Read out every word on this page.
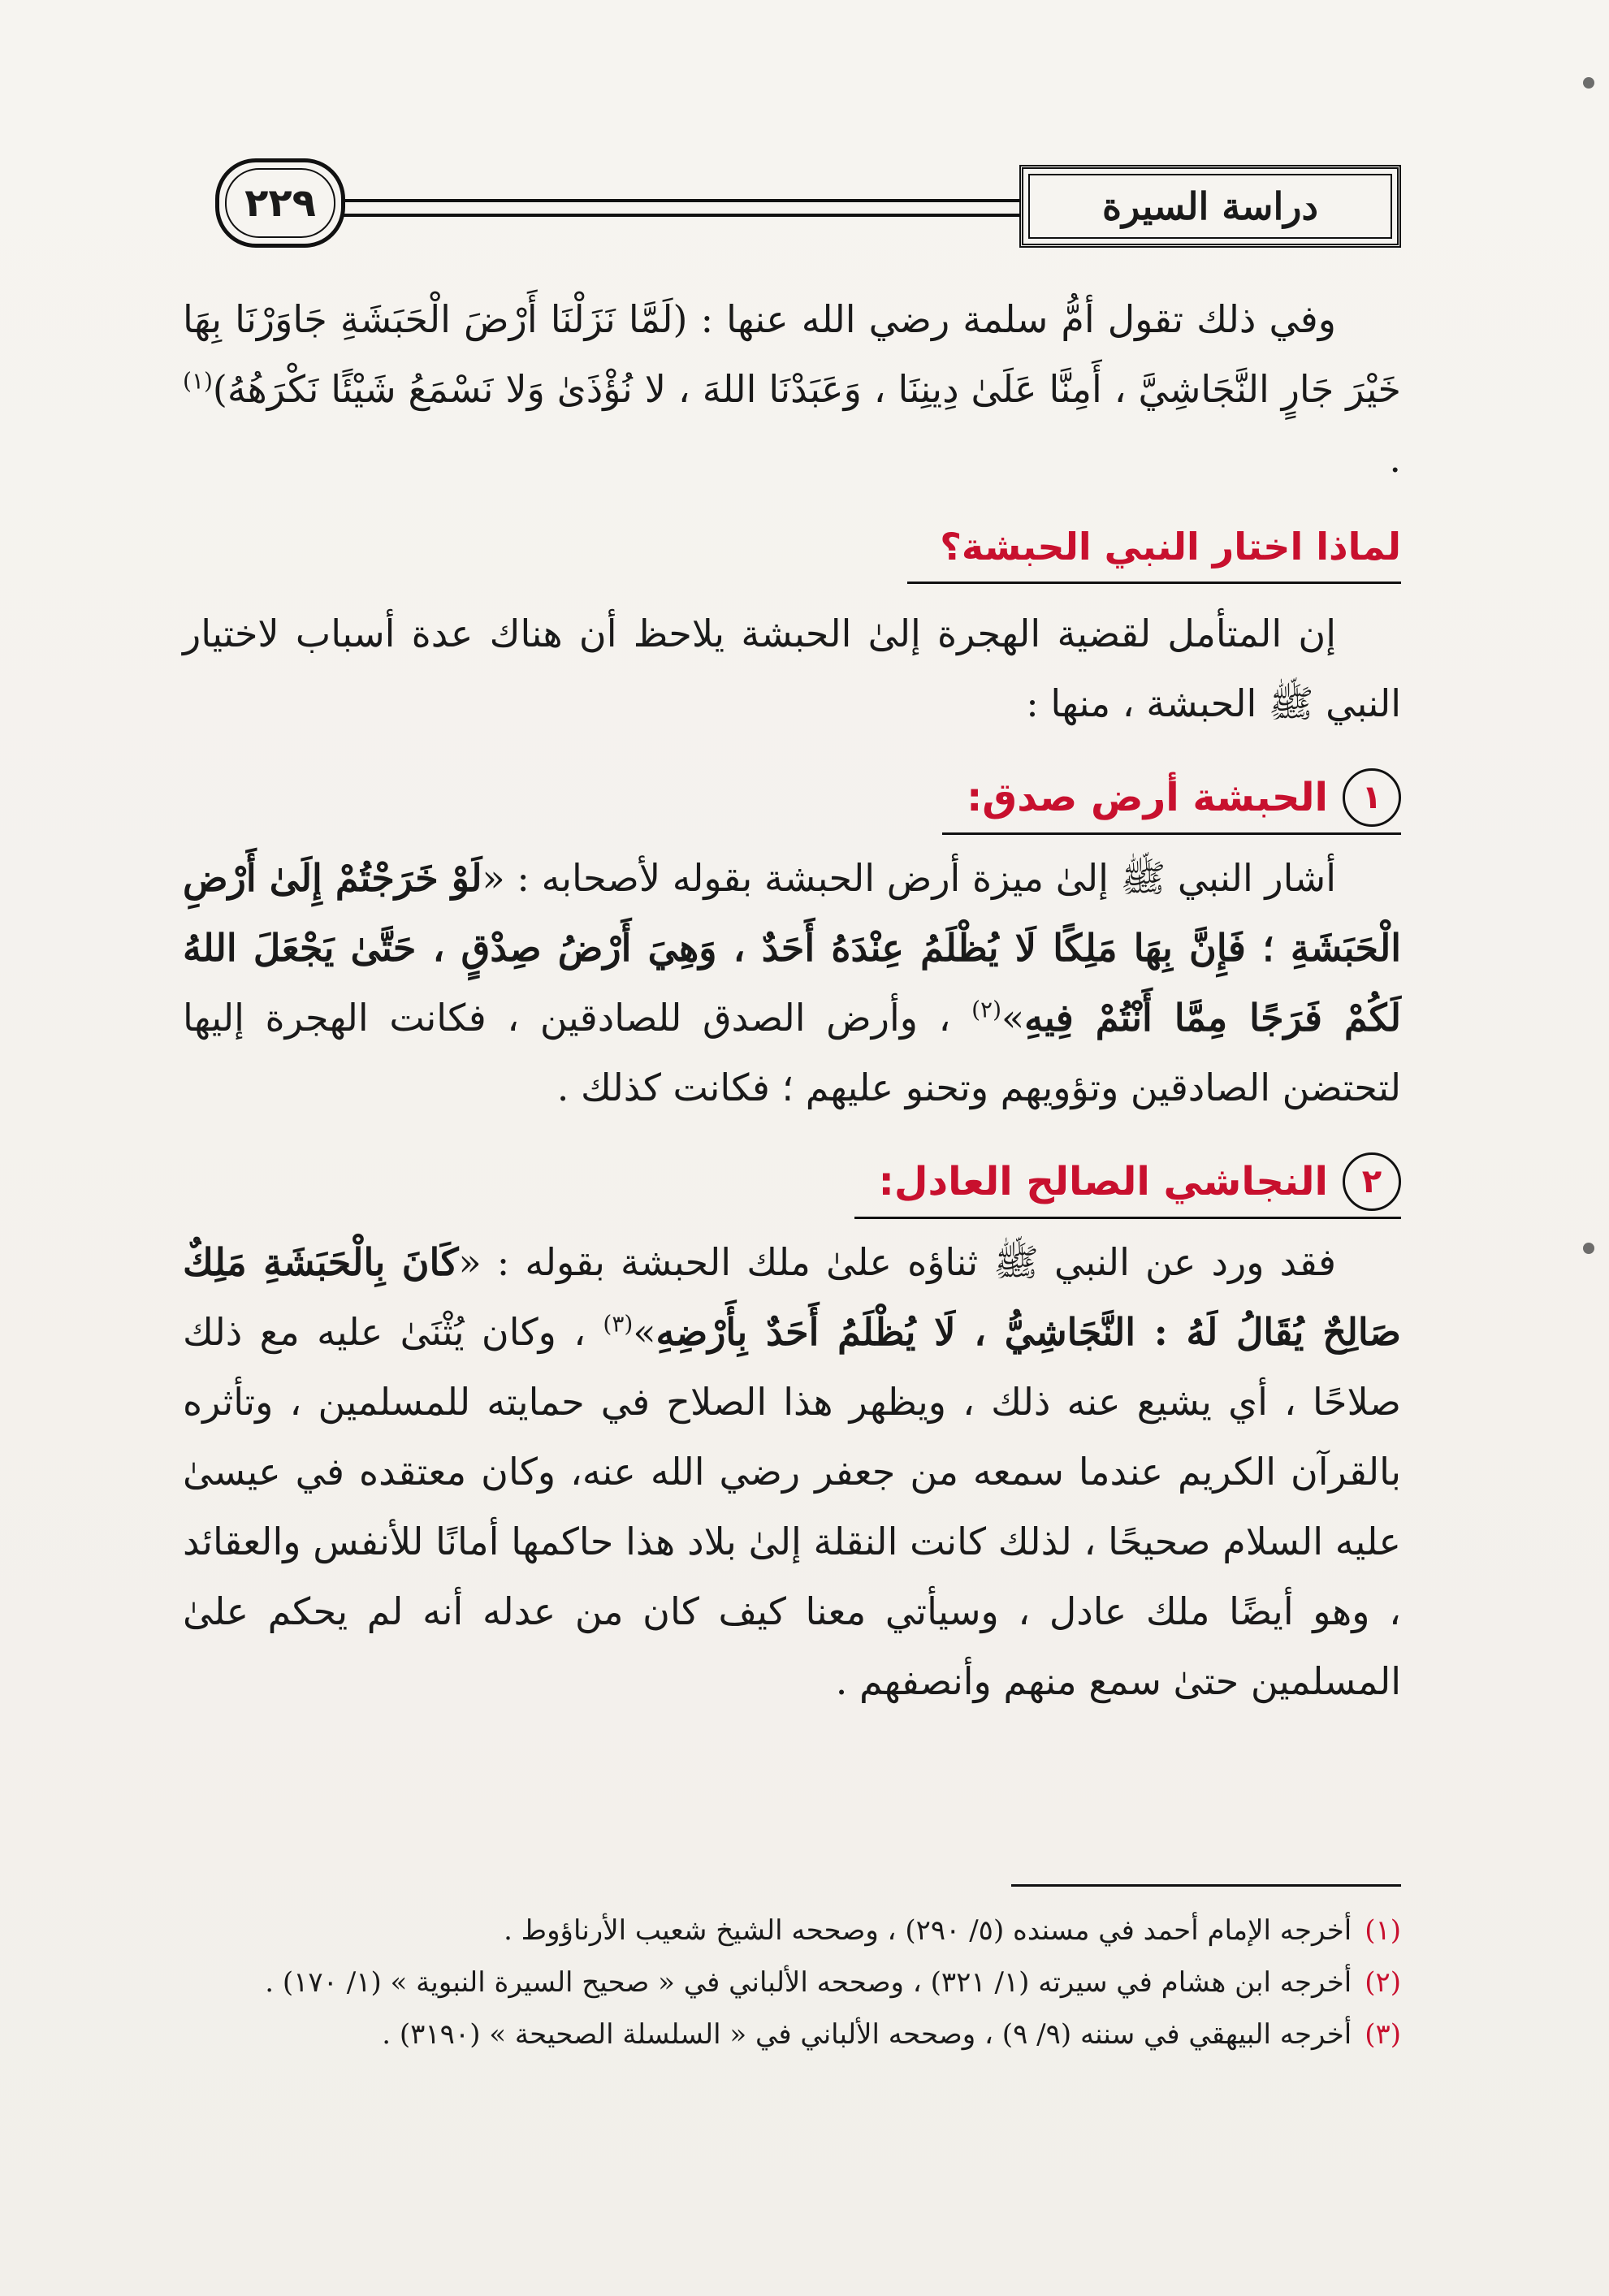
٢٢٩	دراسة السيرة

وفي ذلك تقول أمُّ سلمة رضي الله عنها : (لَمَّا نَزَلْنَا أَرْضَ الْحَبَشَةِ جَاوَرْنَا بِهَا خَيْرَ جَارٍ النَّجَاشِيَّ ، أَمِنَّا عَلَىٰ دِينِنَا ، وَعَبَدْنَا اللهَ ، لا نُؤْذَىٰ وَلا نَسْمَعُ شَيْئًا نَكْرَهُهُ)$^{(١)}$ .

لماذا اختار النبي الحبشة؟

إن المتأمل لقضية الهجرة إلىٰ الحبشة يلاحظ أن هناك عدة أسباب لاختيار النبي ﷺ الحبشة ، منها :

١
الحبشة أرض صدق:

أشار النبي ﷺ إلىٰ ميزة أرض الحبشة بقوله لأصحابه : «لَوْ خَرَجْتُمْ إِلَىٰ أَرْضِ الْحَبَشَةِ ؛ فَإِنَّ بِهَا مَلِكًا لَا يُظْلَمُ عِنْدَهُ أَحَدٌ ، وَهِيَ أَرْضُ صِدْقٍ ، حَتَّىٰ يَجْعَلَ اللهُ لَكُمْ فَرَجًا مِمَّا أَنْتُمْ فِيهِ»$^{(٢)}$ ، وأرض الصدق للصادقين ، فكانت الهجرة إليها لتحتضن الصادقين وتؤويهم وتحنو عليهم ؛ فكانت كذلك .

٢
النجاشي الصالح العادل:

فقد ورد عن النبي ﷺ ثناؤه علىٰ ملك الحبشة بقوله : «كَانَ بِالْحَبَشَةِ مَلِكٌ صَالِحٌ يُقَالُ لَهُ : النَّجَاشِيُّ ، لَا يُظْلَمُ أَحَدٌ بِأَرْضِهِ»$^{(٣)}$ ، وكان يُثْنَىٰ عليه مع ذلك صلاحًا ، أي يشيع عنه ذلك ، ويظهر هذا الصلاح في حمايته للمسلمين ، وتأثره بالقرآن الكريم عندما سمعه من جعفر رضي الله عنه، وكان معتقده في عيسىٰ عليه السلام صحيحًا ، لذلك كانت النقلة إلىٰ بلاد هذا حاكمها أمانًا للأنفس والعقائد ، وهو أيضًا ملك عادل ، وسيأتي معنا كيف كان من عدله أنه لم يحكم علىٰ المسلمين حتىٰ سمع منهم وأنصفهم .

(١)أخرجه الإمام أحمد في مسنده (٥/ ٢٩٠) ، وصححه الشيخ شعيب الأرناؤوط .

(٢)أخرجه ابن هشام في سيرته (١/ ٣٢١) ، وصححه الألباني في « صحيح السيرة النبوية » (١/ ١٧٠) .

(٣)أخرجه البيهقي في سننه (٩/ ٩) ، وصححه الألباني في « السلسلة الصحيحة » (٣١٩٠) .
